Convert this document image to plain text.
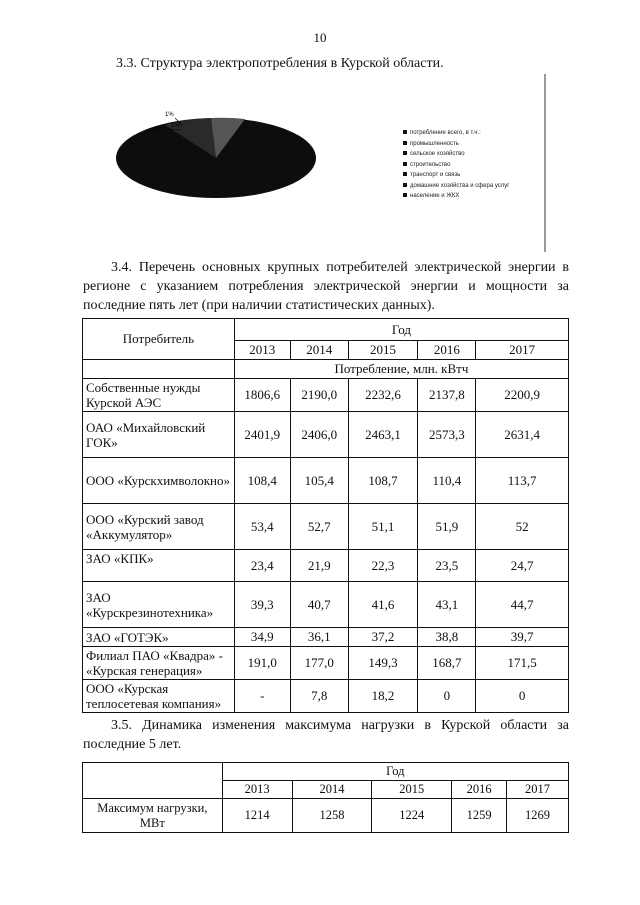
10
3.3. Структура электропотребления в Курской области.
1%
1%
1%
потребление всего, в т.ч.:
промышленность
сельское хозяйство
строительство
транспорт и связь
домашние хозяйства и сфера услуг
население и ЖКХ
3.4. Перечень основных крупных потребителей электрической энергии в регионе с указанием потребления электрической энергии и мощности за последние пять лет (при наличии статистических данных).
Потребитель	Год				
	2013	2014	2015	2016	2017
	Потребление, млн. кВтч				
Собственные нужды Курской АЭС	1806,6	2190,0	2232,6	2137,8	2200,9
ОАО «Михайловский ГОК»	2401,9	2406,0	2463,1	2573,3	2631,4
ООО «Курскхимволокно»	108,4	105,4	108,7	110,4	113,7
ООО «Курский завод «Аккумулятор»	53,4	52,7	51,1	51,9	52
ЗАО «КПК»	23,4	21,9	22,3	23,5	24,7
ЗАО «Курскрезинотехника»	39,3	40,7	41,6	43,1	44,7
ЗАО «ГОТЭК»	34,9	36,1	37,2	38,8	39,7
Филиал ПАО «Квадра» - «Курская генерация»	191,0	177,0	149,3	168,7	171,5
ООО «Курская теплосетевая компания»	-	7,8	18,2	0	0
3.5. Динамика изменения максимума нагрузки в Курской области за последние 5 лет.
	Год				
	2013	2014	2015	2016	2017
Максимум нагрузки, МВт	1214	1258	1224	1259	1269
